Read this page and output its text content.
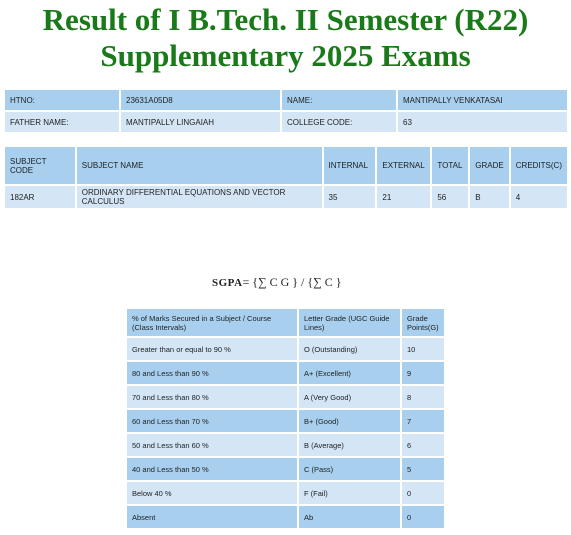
Result of I B.Tech. II Semester (R22)
Supplementary 2025 Exams
HTNO:	23631A05D8	NAME:	MANTIPALLY VENKATASAI
FATHER NAME:	MANTIPALLY LINGAIAH	COLLEGE CODE:	63
SUBJECT CODE	SUBJECT NAME	INTERNAL	EXTERNAL	TOTAL	GRADE	CREDITS(C)
182AR	ORDINARY DIFFERENTIAL EQUATIONS AND VECTOR CALCULUS	35	21	56	B	4
SGPA= {∑ C G } / {∑ C }
% of Marks Secured in a Subject / Course (Class Intervals)	Letter Grade (UGC Guide Lines)	Grade Points(G)
Greater than or equal to 90 %	O (Outstanding)	10
80 and Less than 90 %	A+ (Excellent)	9
70 and Less than 80 %	A (Very Good)	8
60 and Less than 70 %	B+ (Good)	7
50 and Less than 60 %	B (Average)	6
40 and Less than 50 %	C (Pass)	5
Below 40 %	F (Fail)	0
Absent	Ab	0
